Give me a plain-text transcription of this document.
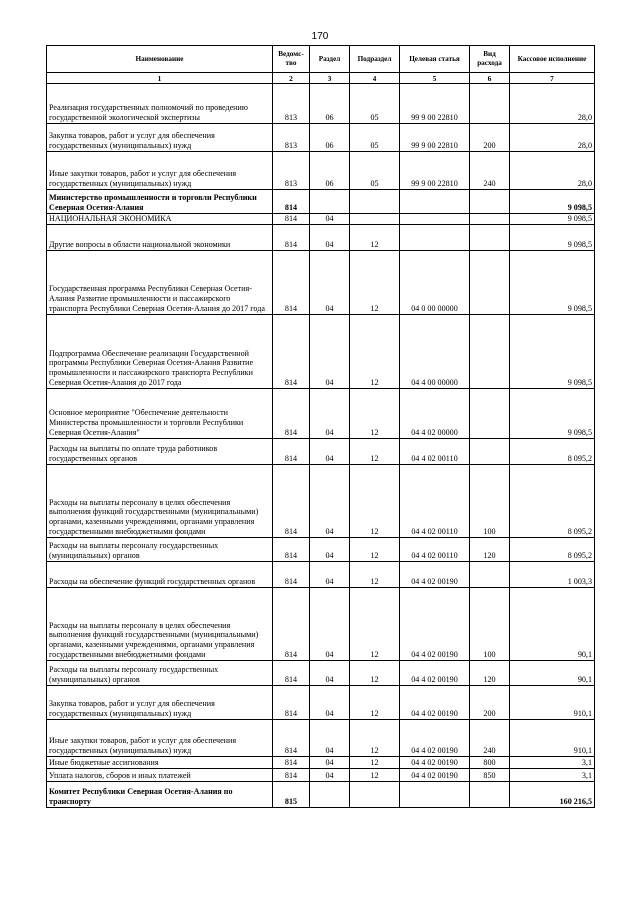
170
Наименование	Ведомс-тво	Раздел	Подраздел	Целевая статья	Вид расхода	Кассовое исполнение
1	2	3	4	5	6	7
Реализация государственных полномочий по проведению государственной экологической экспертизы	813	06	05	99 9 00 22810		28,0
Закупка товаров, работ и услуг для обеспечения государственных (муниципальных) нужд	813	06	05	99 9 00 22810	200	28,0
Иные закупки товаров, работ и услуг для обеспечения государственных (муниципальных) нужд	813	06	05	99 9 00 22810	240	28,0
Министерство промышленности и торговли Республики Северная Осетия-Алания	814					9 098,5
НАЦИОНАЛЬНАЯ ЭКОНОМИКА	814	04				9 098,5
Другие вопросы в области национальной экономики	814	04	12			9 098,5
Государственная программа Республики Северная Осетия-Алания Развитие промышленности и пассажирского транспорта Республики Северная Осетия-Алания до 2017 года	814	04	12	04 0 00 00000		9 098,5
Подпрограмма Обеспечение реализации Государственной программы Республики Северная Осетия-Алания Развитие промышленности и пассажирского транспорта Республики Северная Осетия-Алания до 2017 года	814	04	12	04 4 00 00000		9 098,5
Основное мероприятие "Обеспечение деятельности Министерства промышленности и торговли Республики Северная Осетия-Алания"	814	04	12	04 4 02 00000		9 098,5
Расходы на выплаты по оплате труда работников государственных органов	814	04	12	04 4 02 00110		8 095,2
Расходы на выплаты персоналу в целях обеспечения выполнения функций государственными (муниципальными) органами, казенными учреждениями, органами управления государственными внебюджетными фондами	814	04	12	04 4 02 00110	100	8 095,2
Расходы на выплаты персоналу государственных (муниципальных) органов	814	04	12	04 4 02 00110	120	8 095,2
Расходы на обеспечение функций государственных органов	814	04	12	04 4 02 00190		1 003,3
Расходы на выплаты персоналу в целях обеспечения выполнения функций государственными (муниципальными) органами, казенными учреждениями, органами управления государственными внебюджетными фондами	814	04	12	04 4 02 00190	100	90,1
Расходы на выплаты персоналу государственных (муниципальных) органов	814	04	12	04 4 02 00190	120	90,1
Закупка товаров, работ и услуг для обеспечения государственных (муниципальных) нужд	814	04	12	04 4 02 00190	200	910,1
Иные закупки товаров, работ и услуг для обеспечения государственных (муниципальных) нужд	814	04	12	04 4 02 00190	240	910,1
Иные бюджетные ассигнования	814	04	12	04 4 02 00190	800	3,1
Уплата налогов, сборов и иных платежей	814	04	12	04 4 02 00190	850	3,1
Комитет Республики Северная Осетия-Алания по транспорту	815					160 216,5
